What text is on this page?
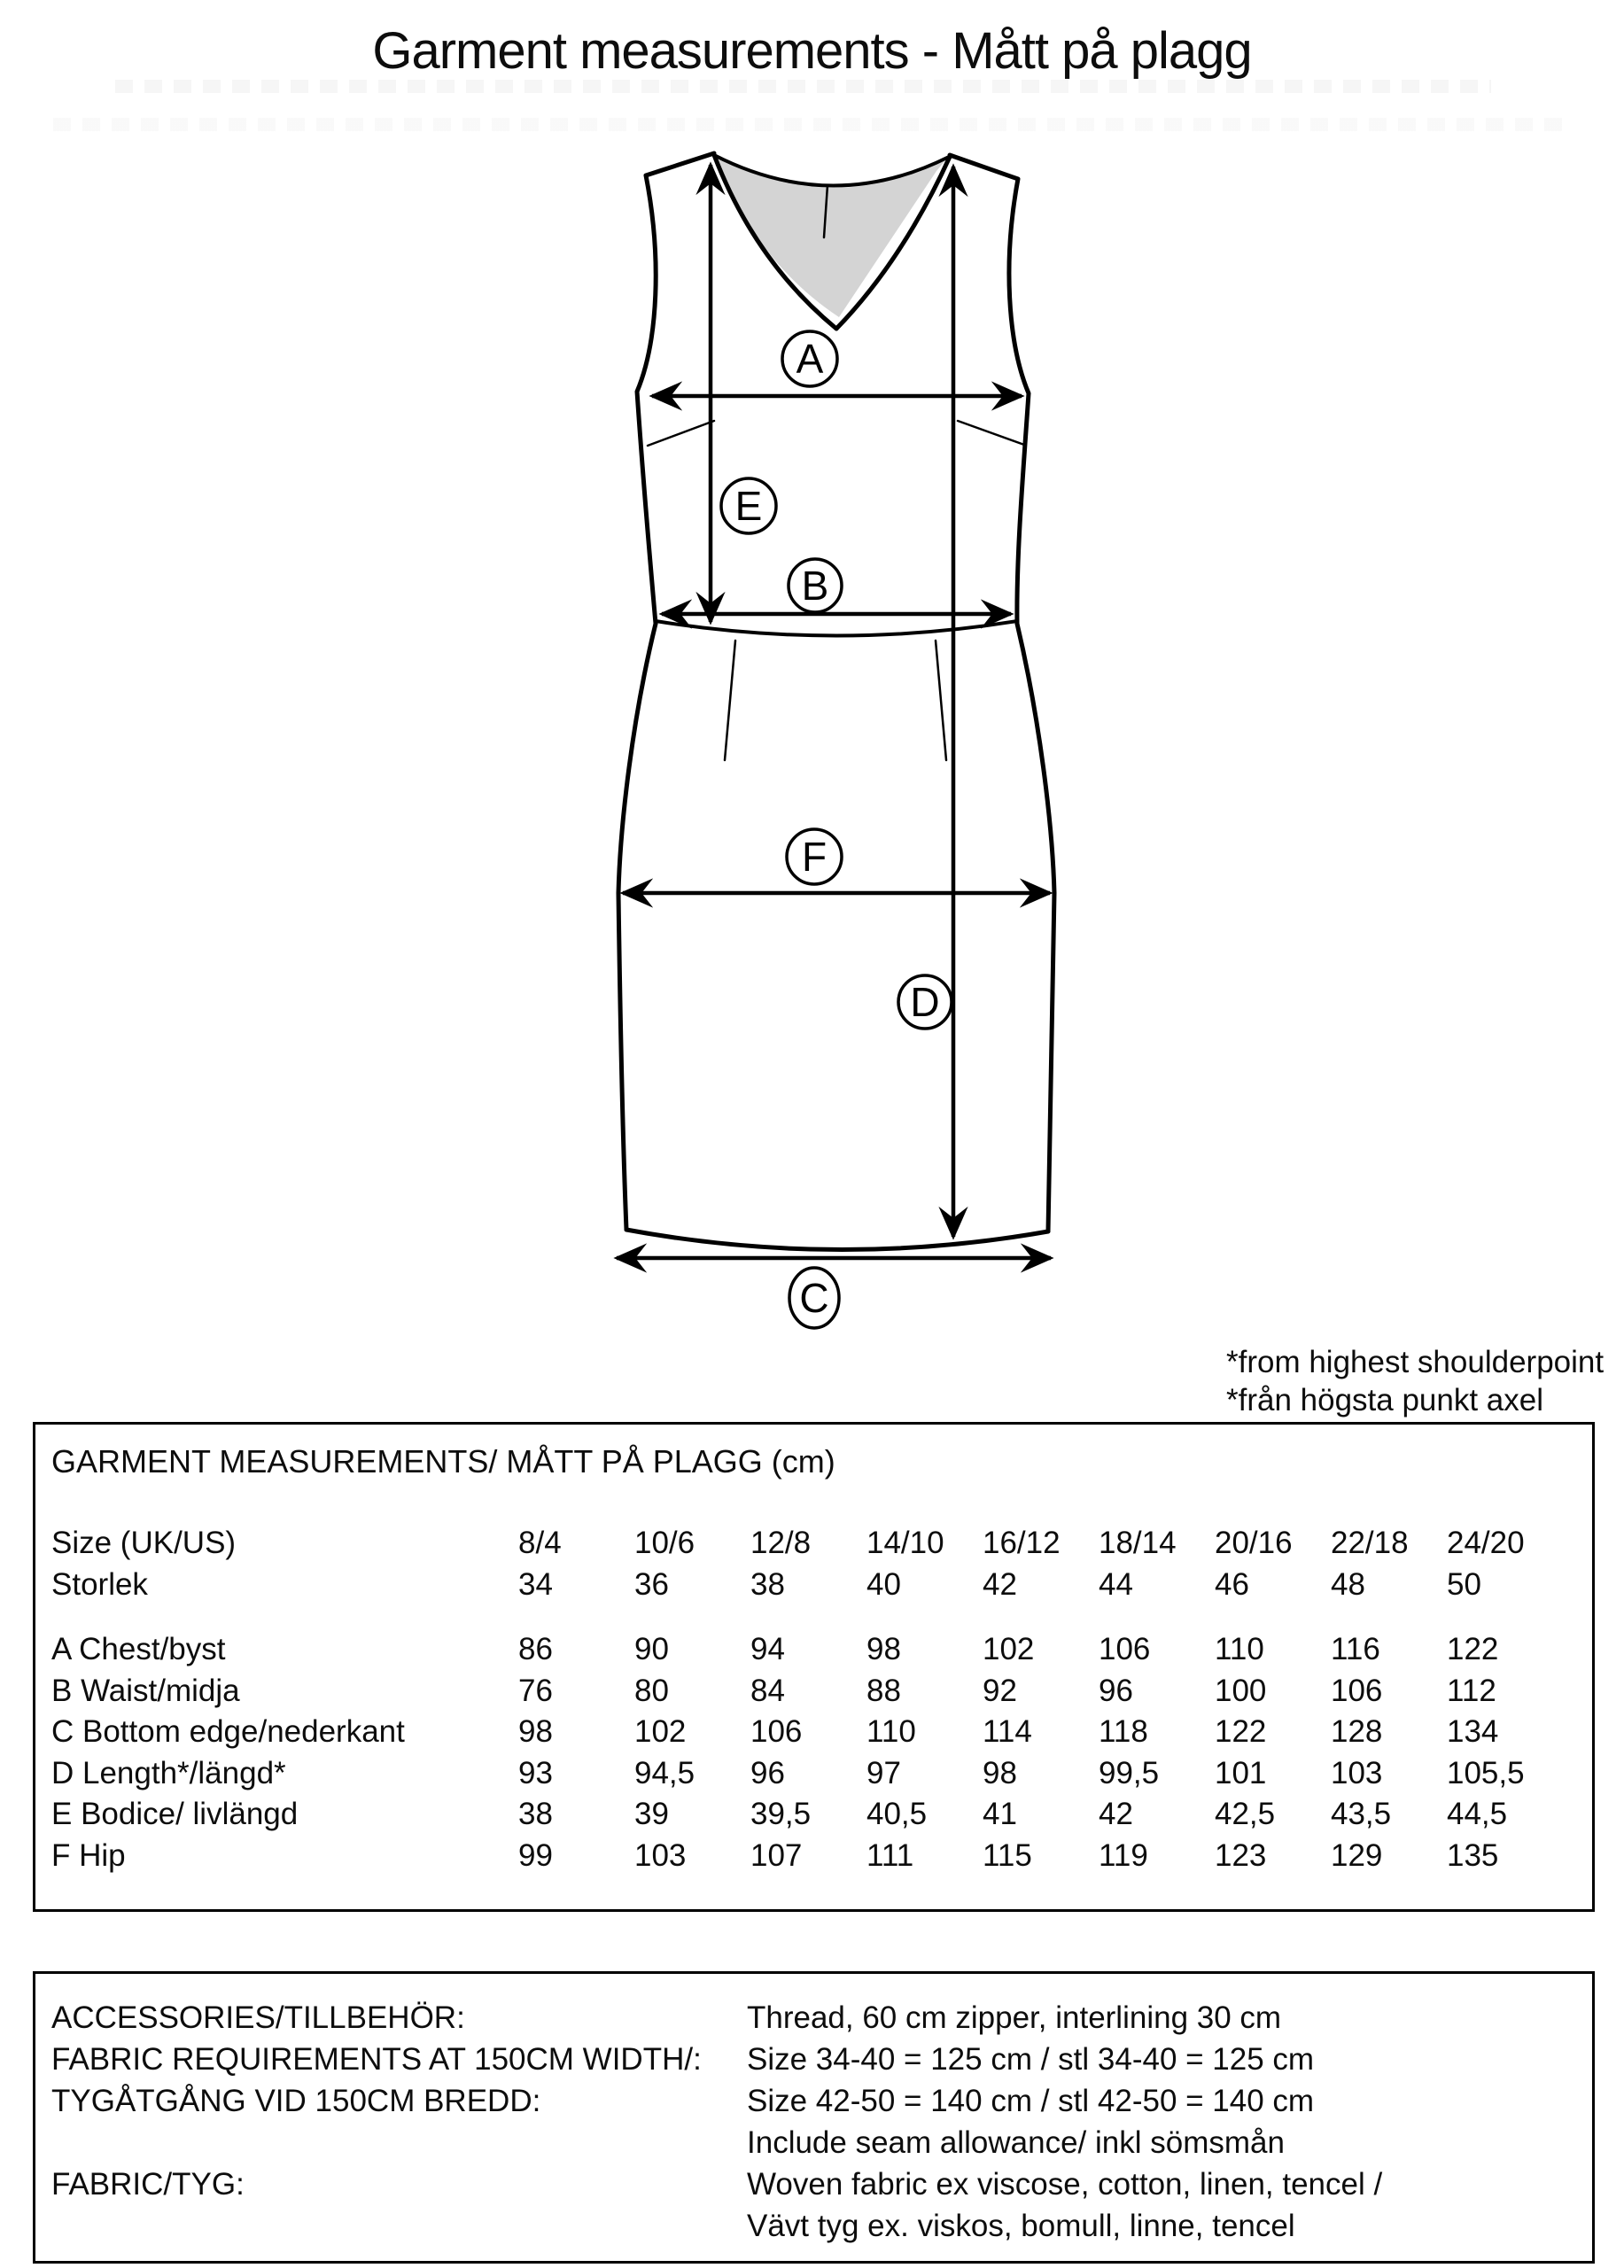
Garment measurements - Mått på plagg
A
E
B
F
D
C
*from highest shoulderpoint
*från högsta punkt axel
GARMENT MEASUREMENTS/ MÅTT PÅ PLAGG (cm)
Size (UK/US)	8/4	10/6	12/8	14/10	16/12	18/14	20/16	22/18	24/20
Storlek	34	36	38	40	42	44	46	48	50
A Chest/byst	86	90	94	98	102	106	110	116	122
B Waist/midja	76	80	84	88	92	96	100	106	112
C Bottom edge/nederkant	98	102	106	110	114	118	122	128	134
D Length*/längd*	93	94,5	96	97	98	99,5	101	103	105,5
E Bodice/ livlängd	38	39	39,5	40,5	41	42	42,5	43,5	44,5
F Hip	99	103	107	111	115	119	123	129	135
ACCESSORIES/TILLBEHÖR:	Thread, 60 cm zipper, interlining 30 cm
FABRIC REQUIREMENTS AT 150CM WIDTH/:	Size 34-40 = 125 cm / stl 34-40 = 125 cm
TYGÅTGÅNG VID 150CM BREDD:	Size 42-50 = 140 cm / stl 42-50 = 140 cm
Include seam allowance/ inkl sömsmån
FABRIC/TYG:	Woven fabric ex viscose, cotton, linen, tencel /
Vävt tyg ex. viskos, bomull, linne, tencel
